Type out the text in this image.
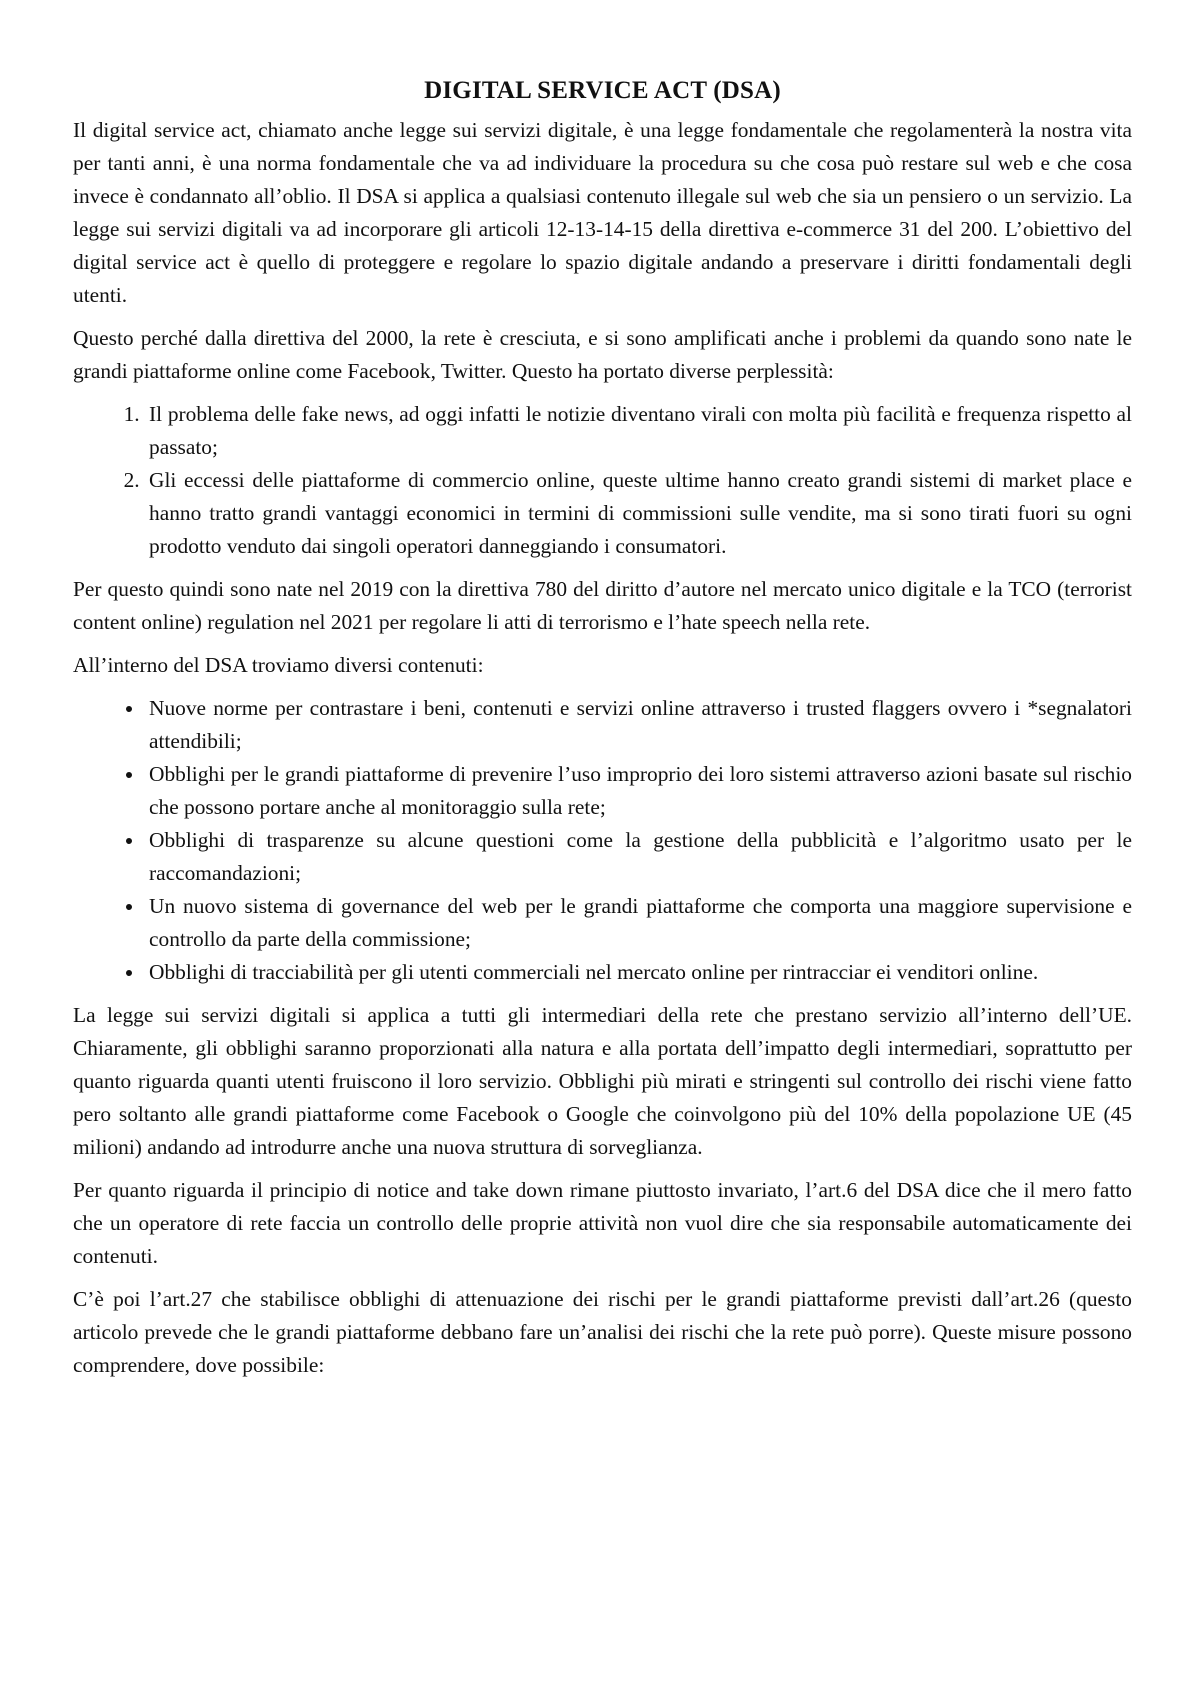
DIGITAL SERVICE ACT (DSA)

Il digital service act, chiamato anche legge sui servizi digitale, è una legge fondamentale che regolamenterà la nostra vita per tanti anni, è una norma fondamentale che va ad individuare la procedura su che cosa può restare sul web e che cosa invece è condannato all’oblio. Il DSA si applica a qualsiasi contenuto illegale sul web che sia un pensiero o un servizio. La legge sui servizi digitali va ad incorporare gli articoli 12-13-14-15 della direttiva e-commerce 31 del 200. L’obiettivo del digital service act è quello di proteggere e regolare lo spazio digitale andando a preservare i diritti fondamentali degli utenti.

Questo perché dalla direttiva del 2000, la rete è cresciuta, e si sono amplificati anche i problemi da quando sono nate le grandi piattaforme online come Facebook, Twitter. Questo ha portato diverse perplessità:

1. Il problema delle fake news, ad oggi infatti le notizie diventano virali con molta più facilità e frequenza rispetto al passato;
2. Gli eccessi delle piattaforme di commercio online, queste ultime hanno creato grandi sistemi di market place e hanno tratto grandi vantaggi economici in termini di commissioni sulle vendite, ma si sono tirati fuori su ogni prodotto venduto dai singoli operatori danneggiando i consumatori.

Per questo quindi sono nate nel 2019 con la direttiva 780 del diritto d’autore nel mercato unico digitale e la TCO (terrorist content online) regulation nel 2021 per regolare li atti di terrorismo e l’hate speech nella rete.

All’interno del DSA troviamo diversi contenuti:

• Nuove norme per contrastare i beni, contenuti e servizi online attraverso i trusted flaggers ovvero i *segnalatori attendibili;
• Obblighi per le grandi piattaforme di prevenire l’uso improprio dei loro sistemi attraverso azioni basate sul rischio che possono portare anche al monitoraggio sulla rete;
• Obblighi di trasparenze su alcune questioni come la gestione della pubblicità e l’algoritmo usato per le raccomandazioni;
• Un nuovo sistema di governance del web per le grandi piattaforme che comporta una maggiore supervisione e controllo da parte della commissione;
• Obblighi di tracciabilità per gli utenti commerciali nel mercato online per rintracciar ei venditori online.

La legge sui servizi digitali si applica a tutti gli intermediari della rete che prestano servizio all’interno dell’UE. Chiaramente, gli obblighi saranno proporzionati alla natura e alla portata dell’impatto degli intermediari, soprattutto per quanto riguarda quanti utenti fruiscono il loro servizio. Obblighi più mirati e stringenti sul controllo dei rischi viene fatto pero soltanto alle grandi piattaforme come Facebook o Google che coinvolgono più del 10% della popolazione UE (45 milioni) andando ad introdurre anche una nuova struttura di sorveglianza.

Per quanto riguarda il principio di notice and take down rimane piuttosto invariato, l’art.6 del DSA dice che il mero fatto che un operatore di rete faccia un controllo delle proprie attività non vuol dire che sia responsabile automaticamente dei contenuti.

C’è poi l’art.27 che stabilisce obblighi di attenuazione dei rischi per le grandi piattaforme previsti dall’art.26 (questo articolo prevede che le grandi piattaforme debbano fare un’analisi dei rischi che la rete può porre). Queste misure possono comprendere, dove possibile:
